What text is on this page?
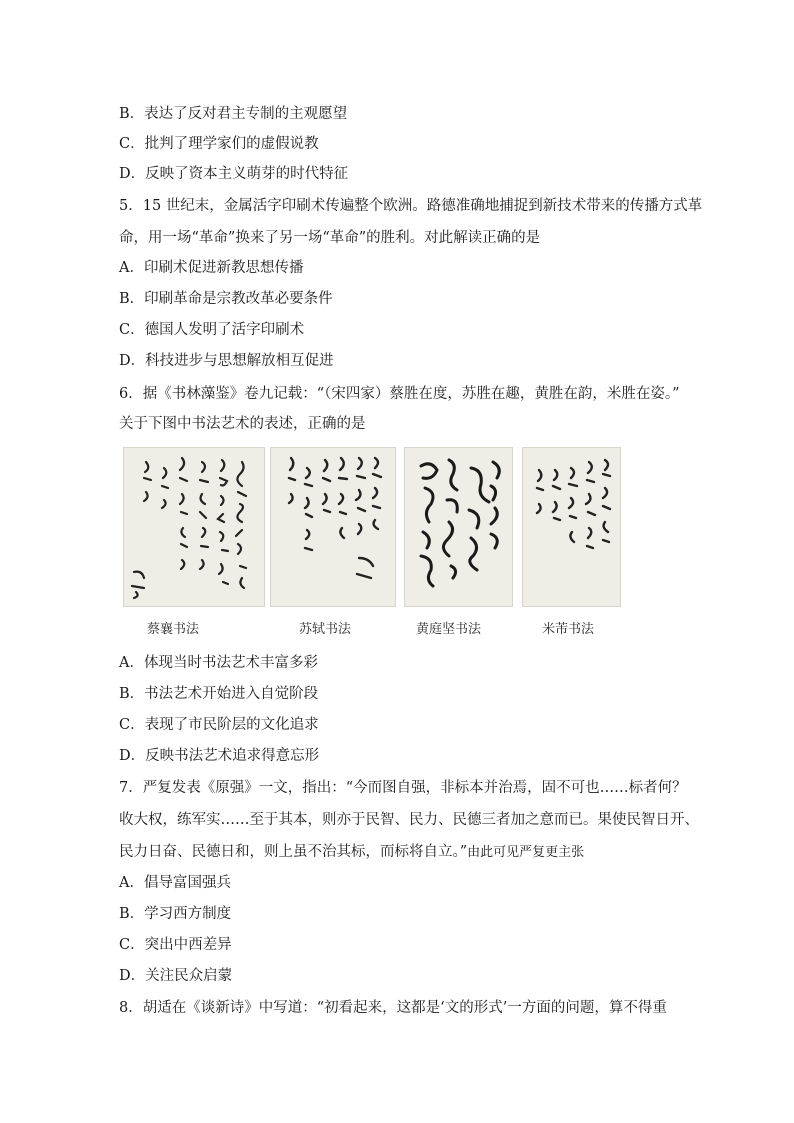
B．表达了反对君主专制的主观愿望
C．批判了理学家们的虚假说教
D．反映了资本主义萌芽的时代特征
5．15 世纪末，金属活字印刷术传遍整个欧洲。路德准确地捕捉到新技术带来的传播方式革
命，用一场“革命”换来了另一场“革命”的胜利。对此解读正确的是
A．印刷术促进新教思想传播
B．印刷革命是宗教改革必要条件
C．德国人发明了活字印刷术
D．科技进步与思想解放相互促进
6．据《书林藻鉴》卷九记载：“（宋四家）蔡胜在度，苏胜在趣，黄胜在韵，米胜在姿。”
关于下图中书法艺术的表述，正确的是
蔡襄书法	苏轼书法	黄庭坚书法	米芾书法
A．体现当时书法艺术丰富多彩
B．书法艺术开始进入自觉阶段
C．表现了市民阶层的文化追求
D．反映书法艺术追求得意忘形
7．严复发表《原强》一文，指出：“今而图自强，非标本并治焉，固不可也……标者何？
收大权，练军实……至于其本，则亦于民智、民力、民德三者加之意而已。果使民智日开、
民力日奋、民德日和，则上虽不治其标，而标将自立。”由此可见严复更主张
A．倡导富国强兵
B．学习西方制度
C．突出中西差异
D．关注民众启蒙
8．胡适在《谈新诗》中写道：“初看起来，这都是‘文的形式’一方面的问题，算不得重
